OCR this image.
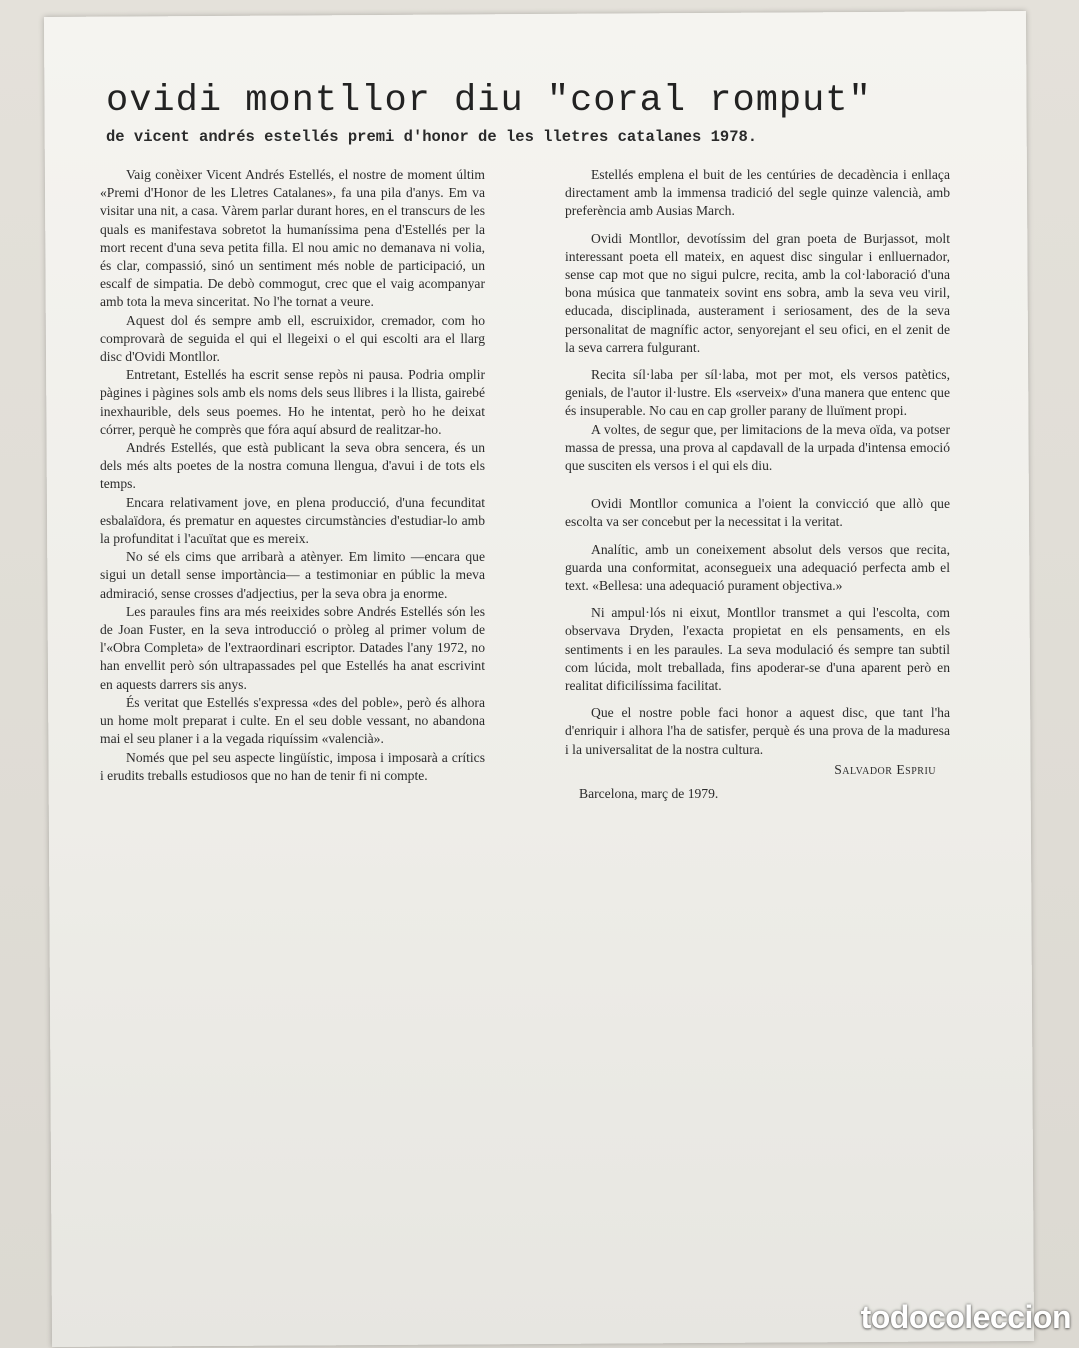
ovidi montllor diu "coral romput"
de vicent andrés estellés premi d'honor de les lletres catalanes 1978.

Vaig conèixer Vicent Andrés Estellés, el nostre de moment últim «Premi d'Honor de les Lletres Catalanes», fa una pila d'anys. Em va visitar una nit, a casa. Vàrem parlar durant hores, en el transcurs de les quals es manifestava sobretot la humaníssima pena d'Estellés per la mort recent d'una seva petita filla. El nou amic no demanava ni volia, és clar, compassió, sinó un sentiment més noble de participació, un escalf de simpatia. De debò commogut, crec que el vaig acompanyar amb tota la meva sinceritat. No l'he tornat a veure.

Aquest dol és sempre amb ell, escruixidor, cremador, com ho comprovarà de seguida el qui el llegeixi o el qui escolti ara el llarg disc d'Ovidi Montllor.

Entretant, Estellés ha escrit sense repòs ni pausa. Podria omplir pàgines i pàgines sols amb els noms dels seus llibres i la llista, gairebé inexhaurible, dels seus poemes. Ho he intentat, però ho he deixat córrer, perquè he comprès que fóra aquí absurd de realitzar-ho.

Andrés Estellés, que està publicant la seva obra sencera, és un dels més alts poetes de la nostra comuna llengua, d'avui i de tots els temps.

Encara relativament jove, en plena producció, d'una fecunditat esbalaïdora, és prematur en aquestes circumstàncies d'estudiar-lo amb la profunditat i l'acuïtat que es mereix.

No sé els cims que arribarà a atènyer. Em limito —encara que sigui un detall sense importància— a testimoniar en públic la meva admiració, sense crosses d'adjectius, per la seva obra ja enorme.

Les paraules fins ara més reeixides sobre Andrés Estellés són les de Joan Fuster, en la seva introducció o pròleg al primer volum de l'«Obra Completa» de l'extraordinari escriptor. Datades l'any 1972, no han envellit però són ultrapassades pel que Estellés ha anat escrivint en aquests darrers sis anys.

És veritat que Estellés s'expressa «des del poble», però és alhora un home molt preparat i culte. En el seu doble vessant, no abandona mai el seu planer i a la vegada riquíssim «valencià».

Només que pel seu aspecte lingüístic, imposa i imposarà a crítics i erudits treballs estudiosos que no han de tenir fi ni compte.

Estellés emplena el buit de les centúries de decadència i enllaça directament amb la immensa tradició del segle quinze valencià, amb preferència amb Ausias March.

Ovidi Montllor, devotíssim del gran poeta de Burjassot, molt interessant poeta ell mateix, en aquest disc singular i enlluernador, sense cap mot que no sigui pulcre, recita, amb la col·laboració d'una bona música que tanmateix sovint ens sobra, amb la seva veu viril, educada, disciplinada, austerament i seriosament, des de la seva personalitat de magnífic actor, senyorejant el seu ofici, en el zenit de la seva carrera fulgurant.

Recita síl·laba per síl·laba, mot per mot, els versos patètics, genials, de l'autor il·lustre. Els «serveix» d'una manera que entenc que és insuperable. No cau en cap groller parany de lluïment propi.

A voltes, de segur que, per limitacions de la meva oïda, va potser massa de pressa, una prova al capdavall de la urpada d'intensa emoció que susciten els versos i el qui els diu.

Ovidi Montllor comunica a l'oient la convicció que allò que escolta va ser concebut per la necessitat i la veritat.

Analític, amb un coneixement absolut dels versos que recita, guarda una conformitat, aconsegueix una adequació perfecta amb el text. «Bellesa: una adequació purament objectiva.»

Ni ampul·lós ni eixut, Montllor transmet a qui l'escolta, com observava Dryden, l'exacta propietat en els pensaments, en els sentiments i en les paraules. La seva modulació és sempre tan subtil com lúcida, molt treballada, fins apoderar-se d'una aparent però en realitat dificilíssima facilitat.

Que el nostre poble faci honor a aquest disc, que tant l'ha d'enriquir i alhora l'ha de satisfer, perquè és una prova de la maduresa i la universalitat de la nostra cultura.

Salvador Espriu
Barcelona, març de 1979.
todocoleccion
